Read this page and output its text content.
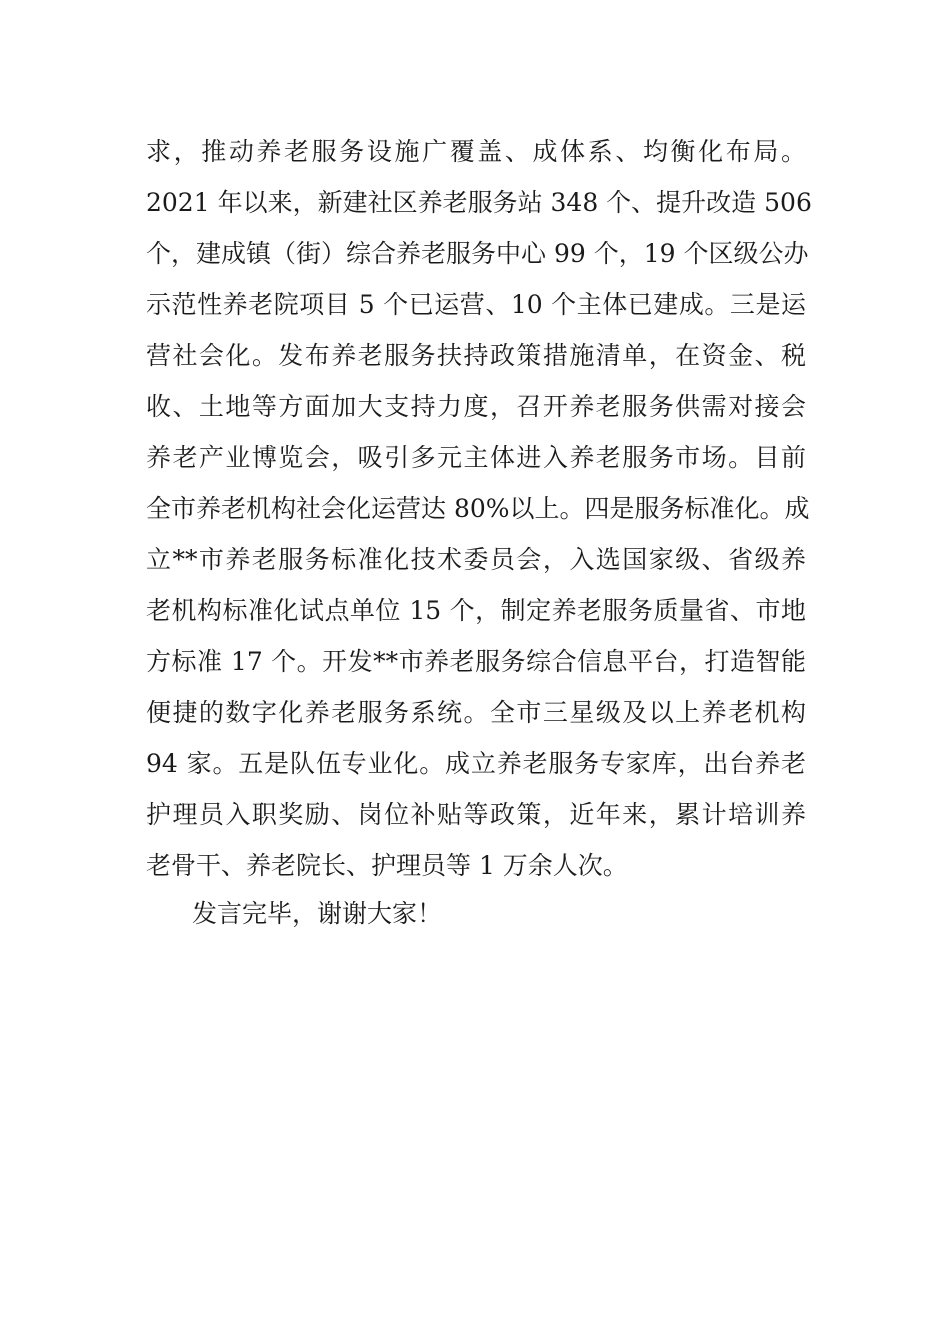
求，推动养老服务设施广覆盖、成体系、均衡化布局。
2021 年以来，新建社区养老服务站 348 个、提升改造 506
个，建成镇（街）综合养老服务中心 99 个，19 个区级公办
示范性养老院项目 5 个已运营、10 个主体已建成。三是运
营社会化。发布养老服务扶持政策措施清单，在资金、税
收、土地等方面加大支持力度，召开养老服务供需对接会
养老产业博览会，吸引多元主体进入养老服务市场。目前
全市养老机构社会化运营达 80%以上。四是服务标准化。成
立**市养老服务标准化技术委员会，入选国家级、省级养
老机构标准化试点单位 15 个，制定养老服务质量省、市地
方标准 17 个。开发**市养老服务综合信息平台，打造智能
便捷的数字化养老服务系统。全市三星级及以上养老机构
94 家。五是队伍专业化。成立养老服务专家库，出台养老
护理员入职奖励、岗位补贴等政策，近年来，累计培训养
老骨干、养老院长、护理员等 1 万余人次。
发言完毕，谢谢大家！
